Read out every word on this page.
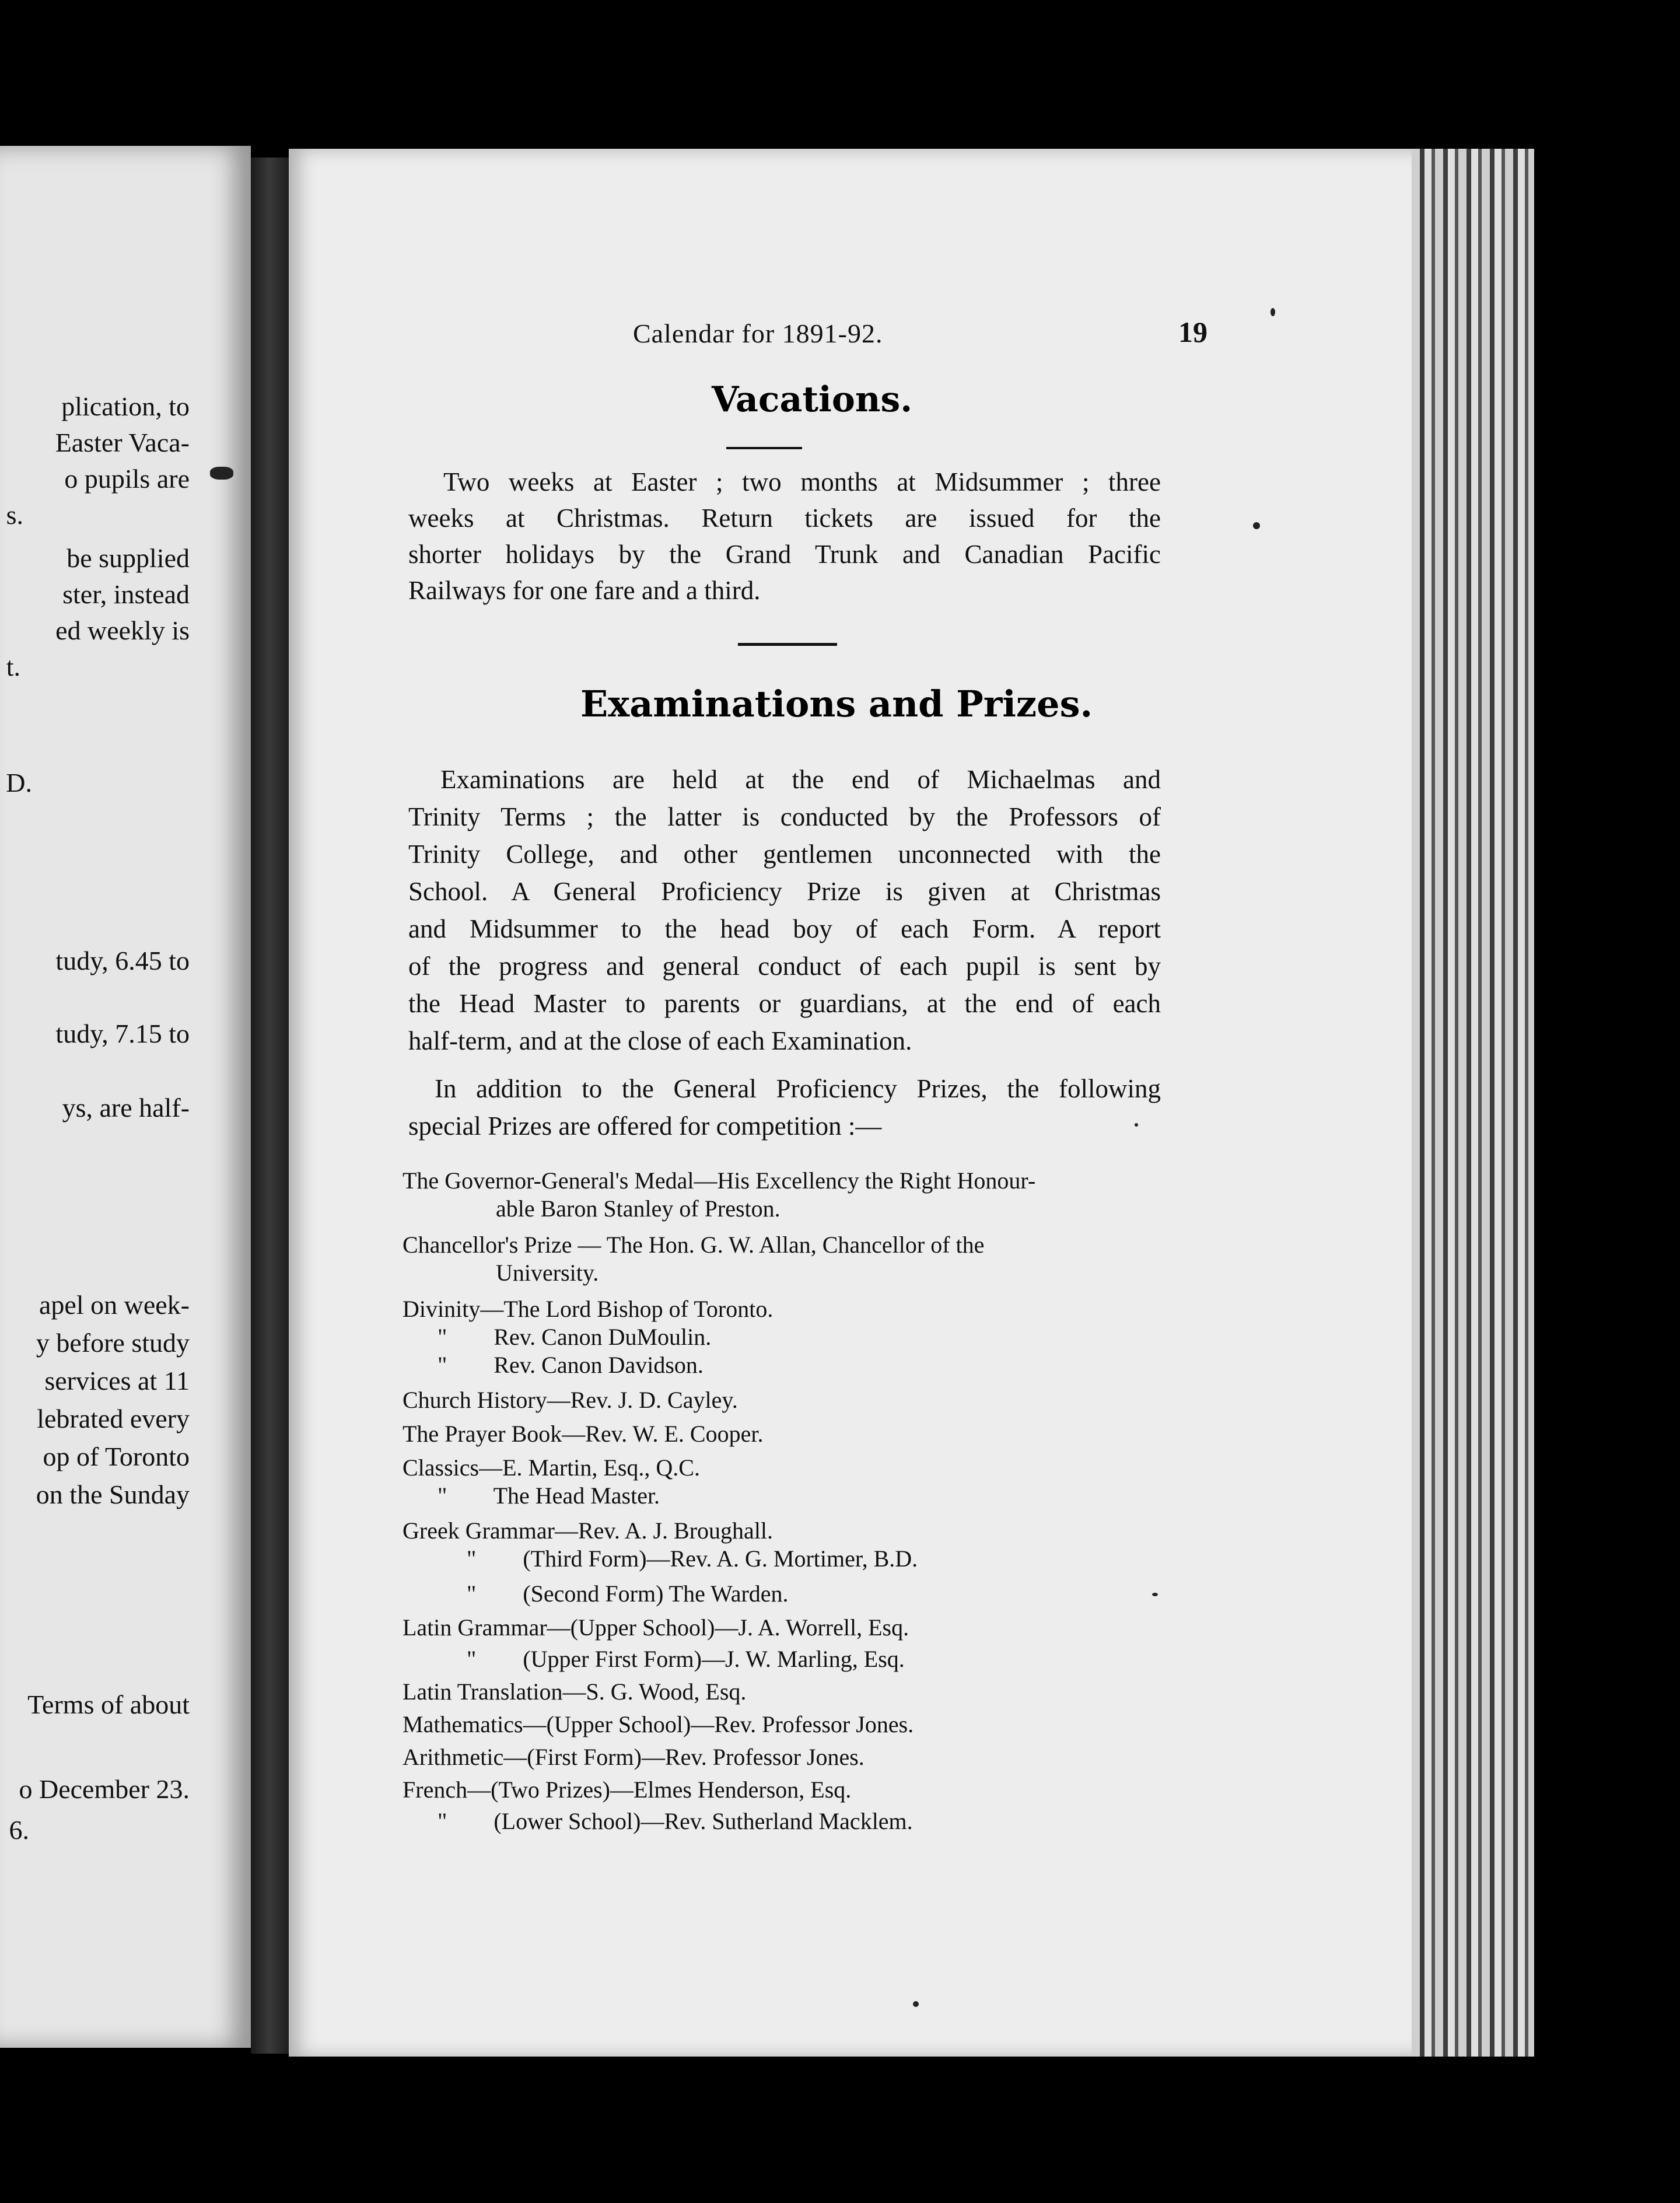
plication, to
Easter Vaca-
o pupils are
s.
be supplied
ster, instead
ed weekly is
t.
D.
tudy, 6.45 to
tudy, 7.15 to
ys, are half-
apel on week-
y before study
services at 11
lebrated every
op of Toronto
on the Sunday
Terms of about
o December 23.
6.
Calendar for 1891-92.	19
Vacations.
Two weeks at Easter ; two months at Midsummer ; three
weeks at Christmas. Return tickets are issued for the
shorter holidays by the Grand Trunk and Canadian Pacific
Railways for one fare and a third.
Examinations and Prizes.
Examinations are held at the end of Michaelmas and
Trinity Terms ; the latter is conducted by the Professors of
Trinity College, and other gentlemen unconnected with the
School. A General Proficiency Prize is given at Christmas
and Midsummer to the head boy of each Form. A report
of the progress and general conduct of each pupil is sent by
the Head Master to parents or guardians, at the end of each
half-term, and at the close of each Examination.
In addition to the General Proficiency Prizes, the following
special Prizes are offered for competition :—
The Governor-General's Medal—His Excellency the Right Honour-
able Baron Stanley of Preston.
Chancellor's Prize — The Hon. G. W. Allan, Chancellor of the
University.
Divinity—The Lord Bishop of Toronto.
"        Rev. Canon DuMoulin.
"        Rev. Canon Davidson.
Church History—Rev. J. D. Cayley.
The Prayer Book—Rev. W. E. Cooper.
Classics—E. Martin, Esq., Q.C.
"        The Head Master.
Greek Grammar—Rev. A. J. Broughall.
"        (Third Form)—Rev. A. G. Mortimer, B.D.
"        (Second Form) The Warden.
Latin Grammar—(Upper School)—J. A. Worrell, Esq.
"        (Upper First Form)—J. W. Marling, Esq.
Latin Translation—S. G. Wood, Esq.
Mathematics—(Upper School)—Rev. Professor Jones.
Arithmetic—(First Form)—Rev. Professor Jones.
French—(Two Prizes)—Elmes Henderson, Esq.
"        (Lower School)—Rev. Sutherland Macklem.
